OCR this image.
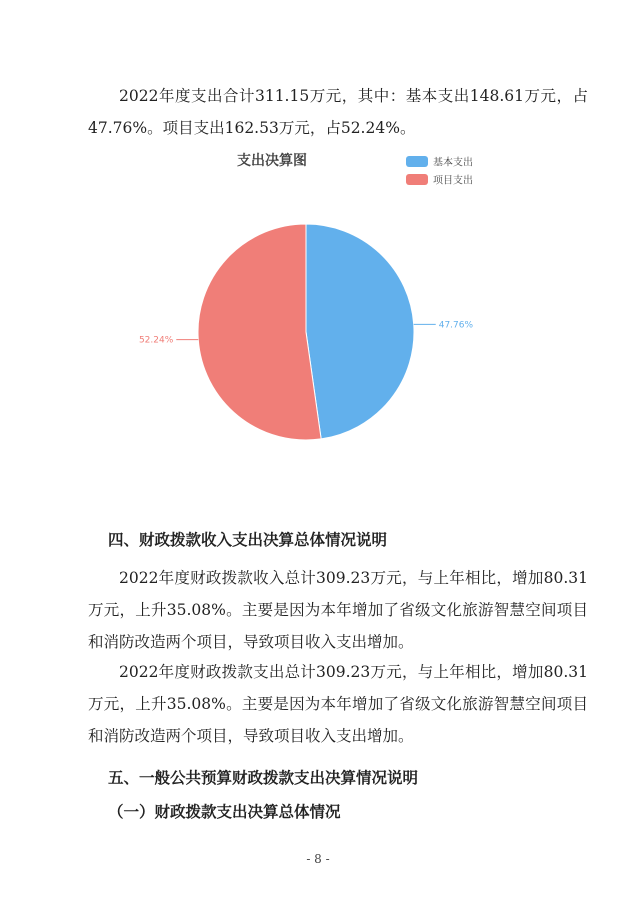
2022年度支出合计311.15万元，其中：基本支出148.61万元，占47.76%。项目支出162.53万元，占52.24%。

支出决算图	基本支出
项目支出
47.76%
52.24%

四、财政拨款收入支出决算总体情况说明

2022年度财政拨款收入总计309.23万元，与上年相比，增加80.31万元，上升35.08%。主要是因为本年增加了省级文化旅游智慧空间项目和消防改造两个项目，导致项目收入支出增加。

2022年度财政拨款支出总计309.23万元，与上年相比，增加80.31万元，上升35.08%。主要是因为本年增加了省级文化旅游智慧空间项目和消防改造两个项目，导致项目收入支出增加。

五、一般公共预算财政拨款支出决算情况说明

（一）财政拨款支出决算总体情况

- 8 -
